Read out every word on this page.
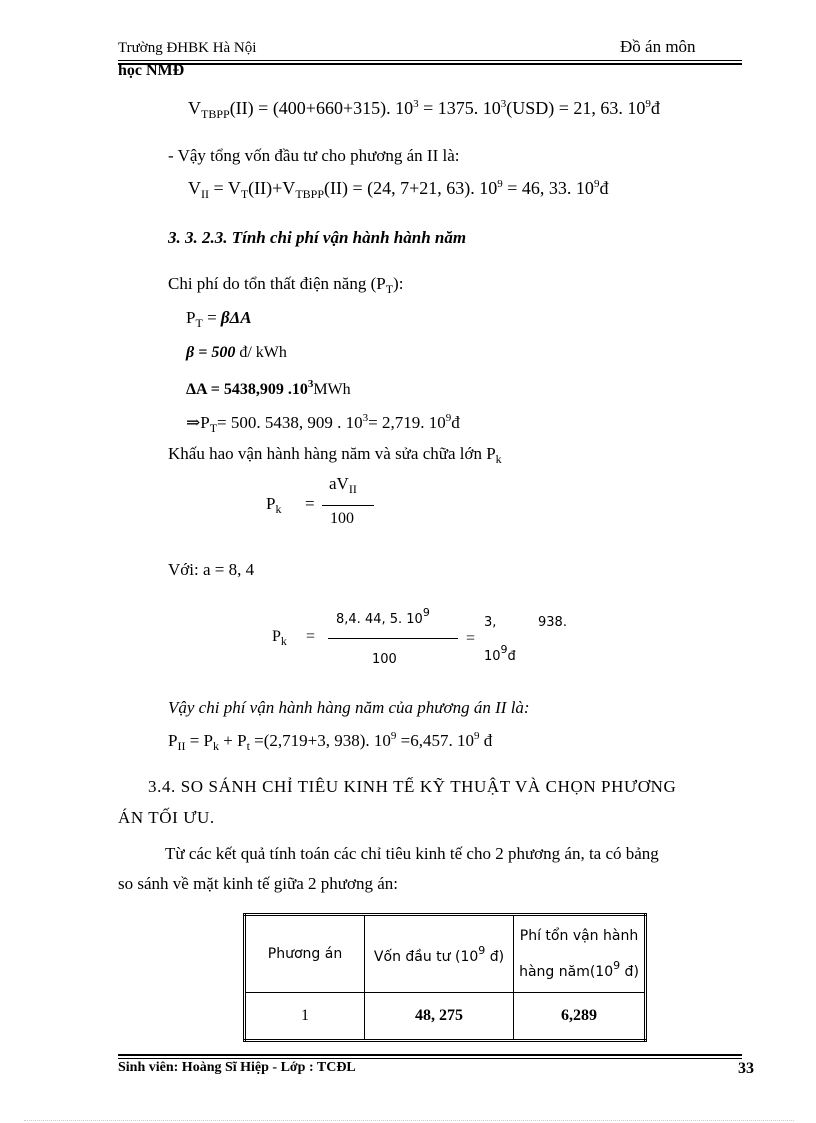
Trường ĐHBK Hà Nội	Đồ án môn
học NMĐ
$V_{TBPP}(II) = (400+660+315)$. $10^3 = 1375$. $10^3(USD) = 21$, 63. $10^9đ$
- Vậy tổng vốn đầu tư cho phương án II là:
$V_{II} = V_T(II)+V_{TBPP}(II) = (24$, 7+21, 63). $10^9 = 46$, 33. $10^9đ$
3. 3. 2.3. Tính chi phí vận hành hành năm
Chi phí do tổn thất điện năng $(P_T)$:
$P_T = \beta\Delta A$
β = 500 đ/ kWh
ΔA = 5438,909 $.10^3MWh$
$\Rightarrow P_T= 500$. 5438, 909 . $10^3= 2,719$. $10^9đ$
Khấu hao vận hành hàng năm và sửa chữa lớn $P_k$
$P_k$ =
$aV_{II}$
100
Với: a = 8, 4
$P_k$ =
8,4. 44, 5. $10^9$
100
=
3,	938.
$10^9đ$
Vậy chi phí vận hành hàng năm của phương án II là:
$P_{II} = P_k + P_t =(2,719+3$, 938). $10^9 =6,457$. $10^9$ đ
3.4. SO SÁNH CHỈ TIÊU KINH TẾ KỸ THUẬT VÀ CHỌN PHƯƠNG
ÁN TỐI ƯU.
Từ các kết quả tính toán các chỉ tiêu kinh tế cho 2 phương án, ta có bảng
so sánh về mặt kinh tế giữa 2 phương án:
Phương án	Vốn đầu tư ($10^9$ đ)	Phí tổn vận hành
hàng $năm(10^9$ đ)
1	48, 275	6,289
Sinh viên: Hoàng Sĩ Hiệp - Lớp : TCĐL	33
